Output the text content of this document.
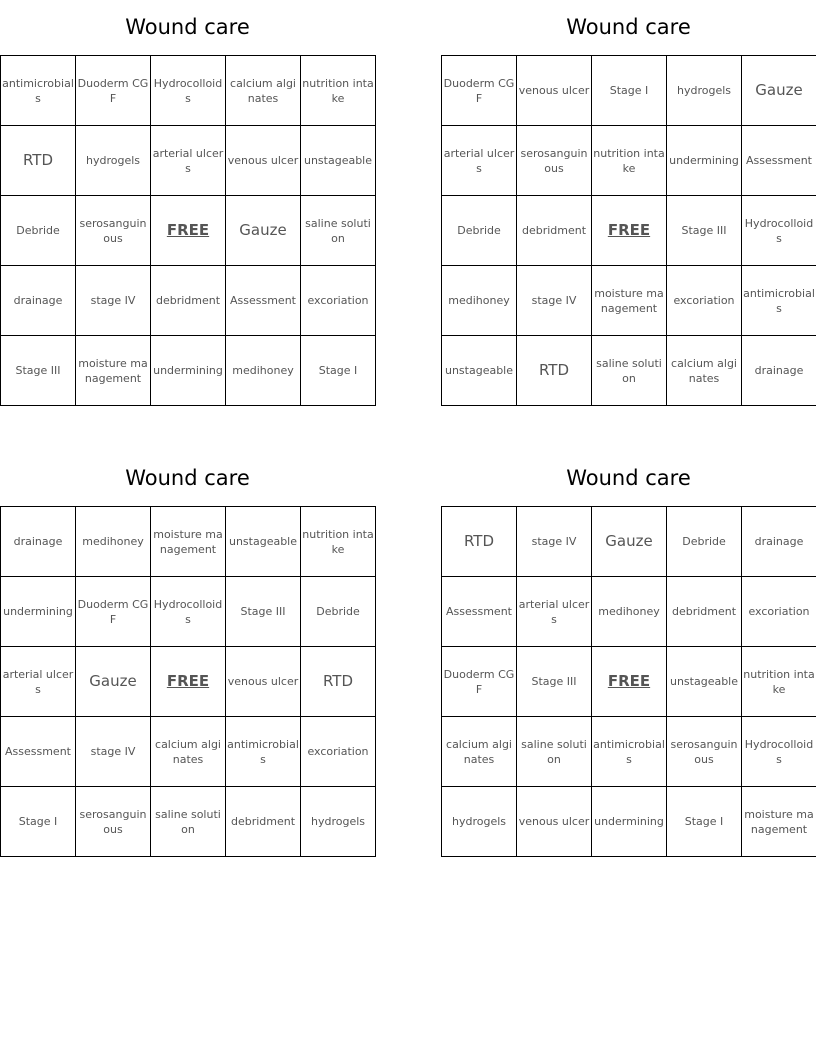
Wound care
antimicrobials	Duoderm CGF	Hydrocolloids	calcium alginates	nutrition intake
RTD	hydrogels	arterial ulcers	venous ulcer	unstageable
Debride	serosanguinous	FREE	Gauze	saline solution
drainage	stage IV	debridment	Assessment	excoriation
Stage III	moisture management	undermining	medihoney	Stage I
Wound care
Duoderm CGF	venous ulcer	Stage I	hydrogels	Gauze
arterial ulcers	serosanguinous	nutrition intake	undermining	Assessment
Debride	debridment	FREE	Stage III	Hydrocolloids
medihoney	stage IV	moisture management	excoriation	antimicrobials
unstageable	RTD	saline solution	calcium alginates	drainage
Wound care
drainage	medihoney	moisture management	unstageable	nutrition intake
undermining	Duoderm CGF	Hydrocolloids	Stage III	Debride
arterial ulcers	Gauze	FREE	venous ulcer	RTD
Assessment	stage IV	calcium alginates	antimicrobials	excoriation
Stage I	serosanguinous	saline solution	debridment	hydrogels
Wound care
RTD	stage IV	Gauze	Debride	drainage
Assessment	arterial ulcers	medihoney	debridment	excoriation
Duoderm CGF	Stage III	FREE	unstageable	nutrition intake
calcium alginates	saline solution	antimicrobials	serosanguinous	Hydrocolloids
hydrogels	venous ulcer	undermining	Stage I	moisture management
